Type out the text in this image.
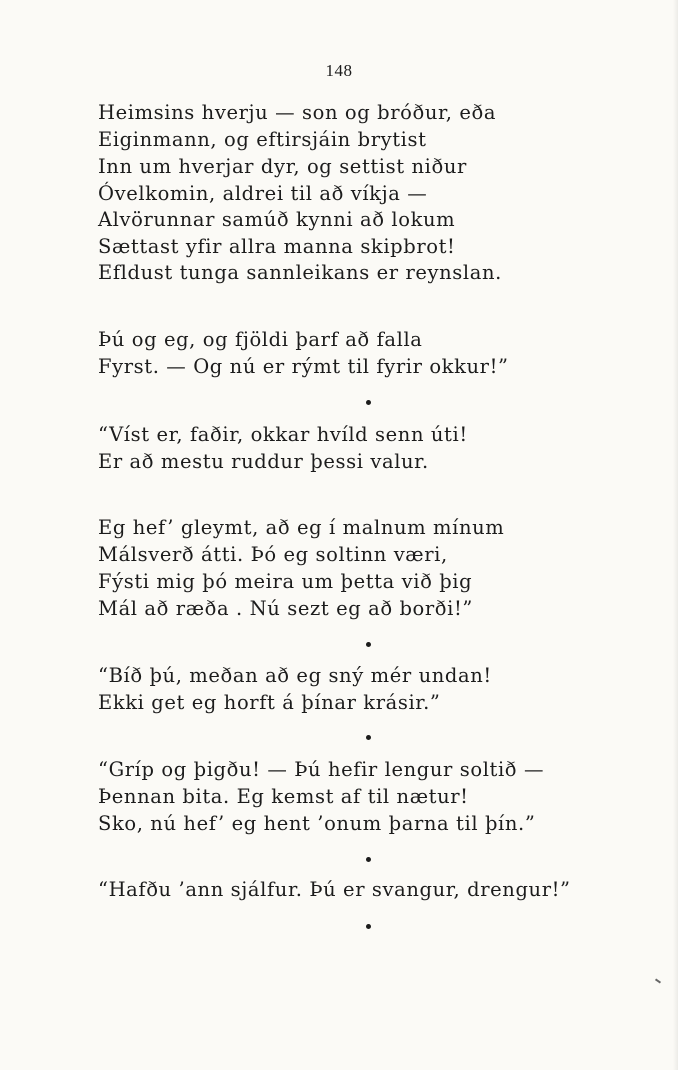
148
Heimsins hverju — son og bróður, eða
Eiginmann, og eftirsjáin brytist
Inn um hverjar dyr, og settist niður
Óvelkomin, aldrei til að víkja —
Alvörunnar samúð kynni að lokum
Sættast yfir allra manna skipbrot!
Efldust tunga sannleikans er reynslan.
Þú og eg, og fjöldi þarf að falla
Fyrst. — Og nú er rýmt til fyrir okkur!”
“Víst er, faðir, okkar hvíld senn úti!
Er að mestu ruddur þessi valur.
Eg hef’ gleymt, að eg í malnum mínum
Málsverð átti. Þó eg soltinn væri,
Fýsti mig þó meira um þetta við þig
Mál að ræða . Nú sezt eg að borði!”
“Bíð þú, meðan að eg sný mér undan!
Ekki get eg horft á þínar krásir.”
“Gríp og þigðu! — Þú hefir lengur soltið —
Þennan bita. Eg kemst af til nætur!
Sko, nú hef’ eg hent ’onum þarna til þín.”
“Hafðu ’ann sjálfur. Þú er svangur, drengur!”
